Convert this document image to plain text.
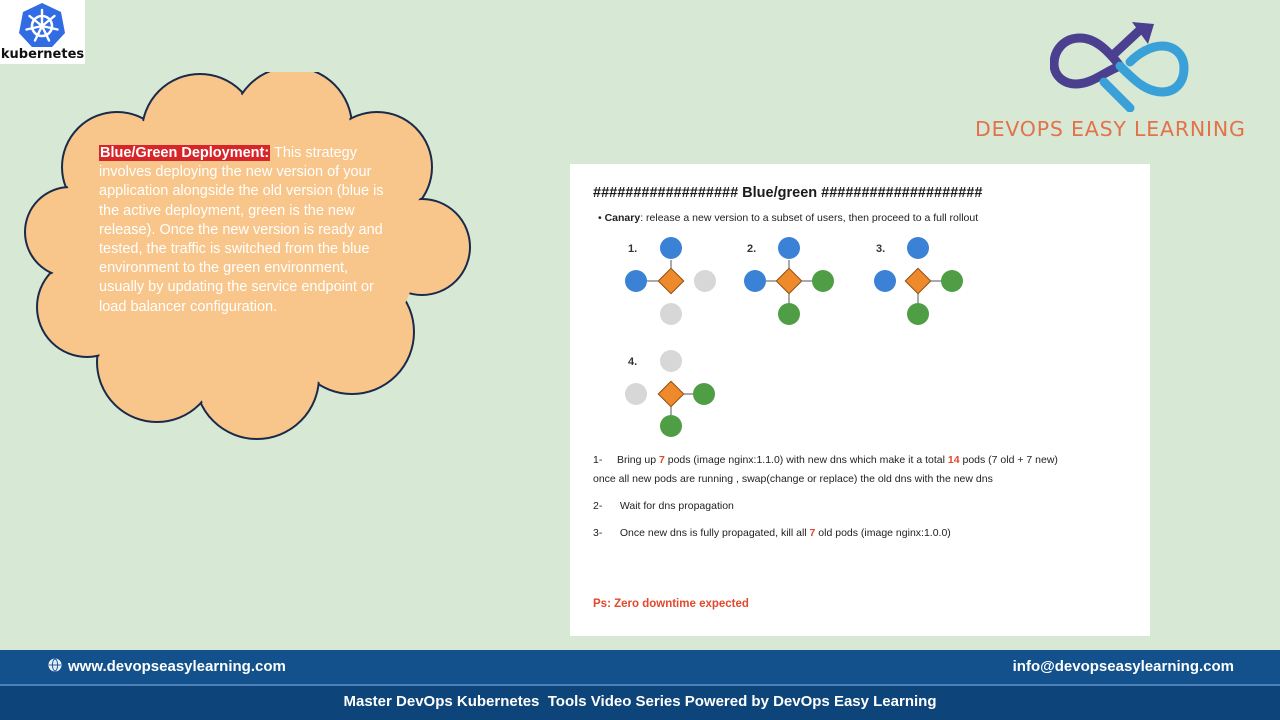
kubernetes
DEVOPS EASY LEARNING
Blue/Green Deployment: This strategy involves deploying the new version of your application alongside the old version (blue is the active deployment, green is the new release). Once the new version is ready and tested, the traffic is switched from the blue environment to the green environment, usually by updating the service endpoint or load balancer configuration.
################## Blue/green ####################
• Canary: release a new version to a subset of users, then proceed to a full rollout
1.	2.	3.
4.
1- Bring up 7 pods (image nginx:1.1.0) with new dns which make it a total 14 pods (7 old + 7 new)
once all new pods are running , swap(change or replace) the old dns with the new dns
2- Wait for dns propagation
3- Once new dns is fully propagated, kill all 7 old pods (image nginx:1.0.0)
Ps: Zero downtime expected
www.devopseasylearning.com	info@devopseasylearning.com
Master DevOps Kubernetes  Tools Video Series Powered by DevOps Easy Learning
